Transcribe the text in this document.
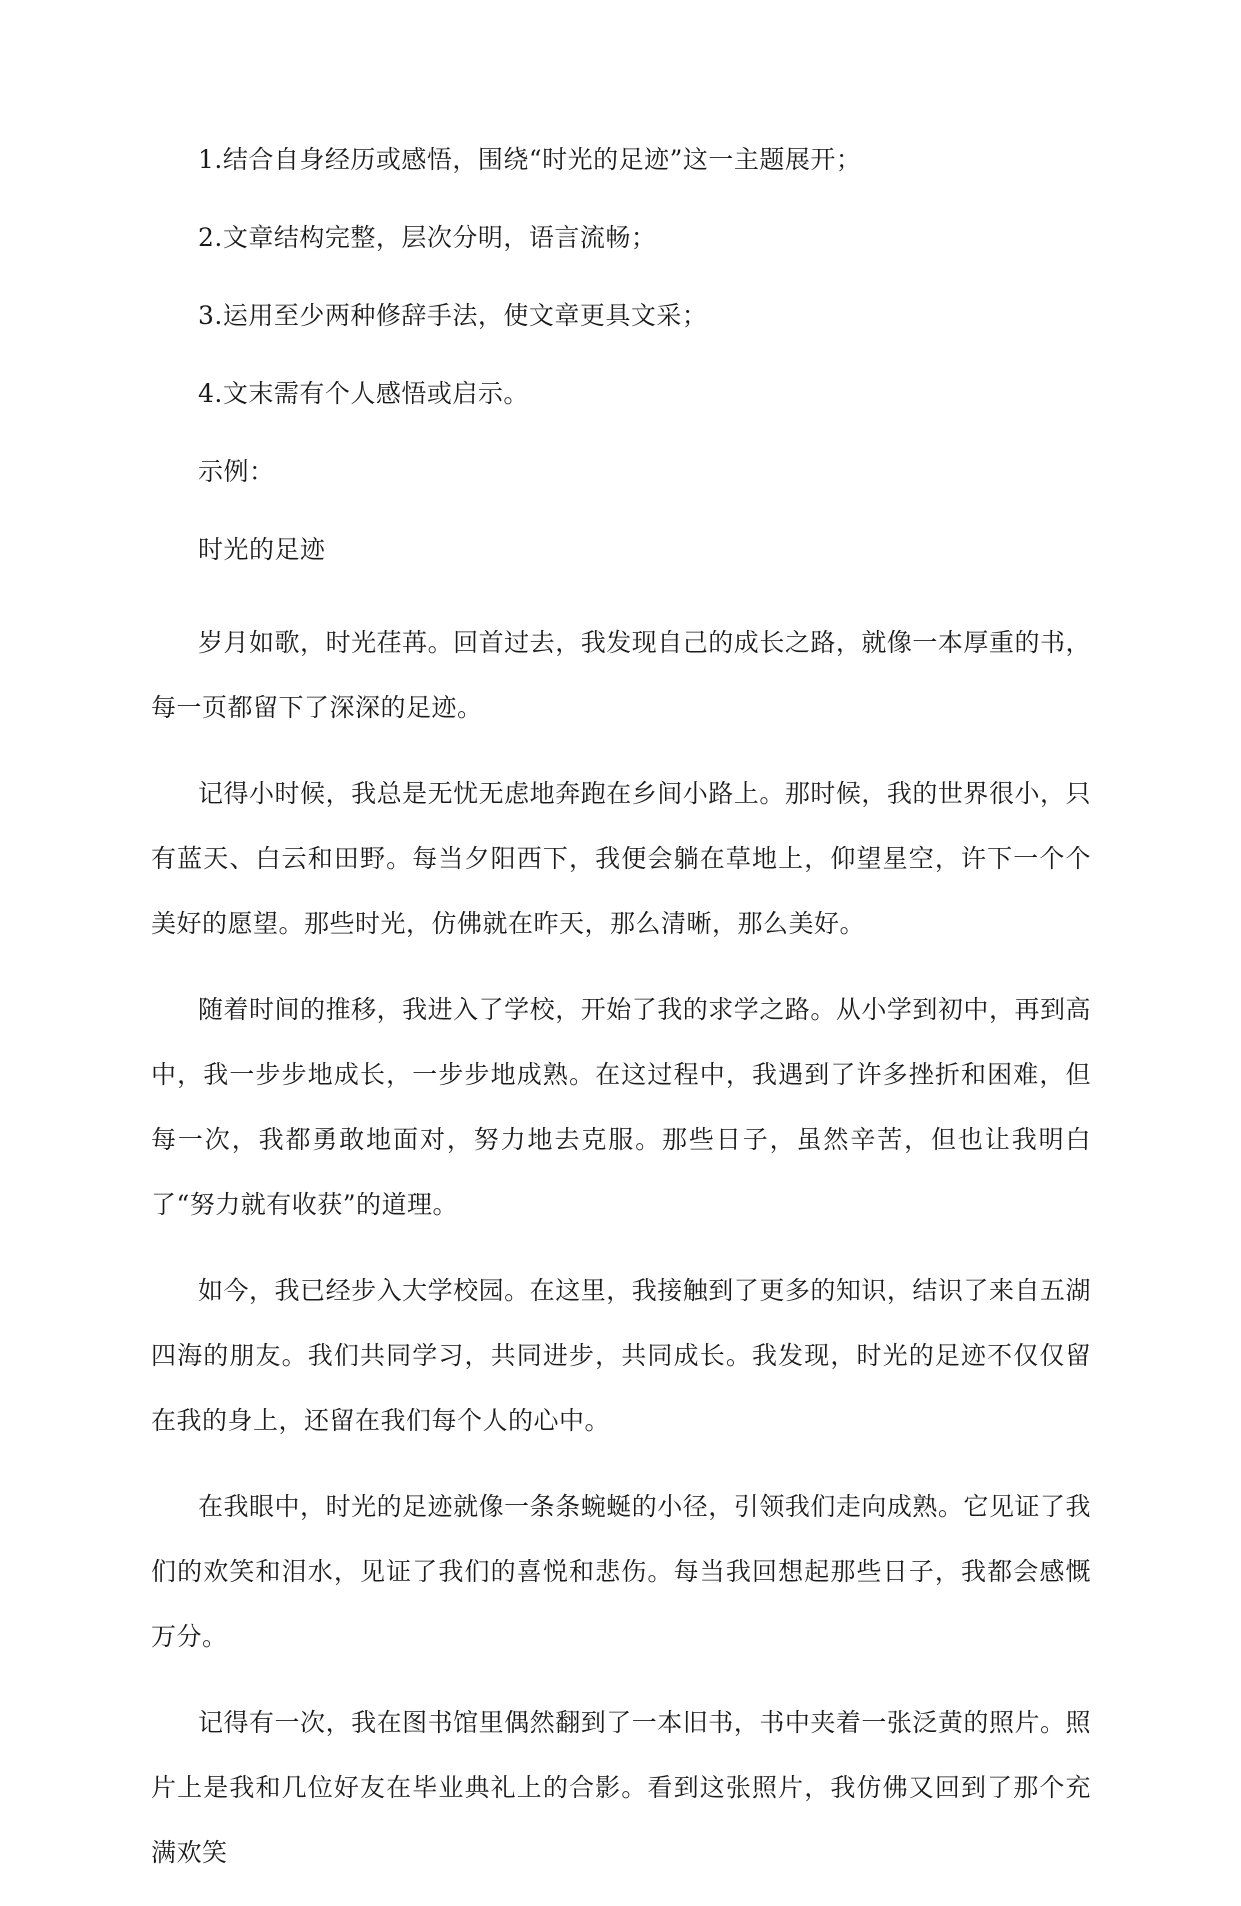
1.结合自身经历或感悟，围绕“时光的足迹”这一主题展开；

2.文章结构完整，层次分明，语言流畅；

3.运用至少两种修辞手法，使文章更具文采；

4.文末需有个人感悟或启示。

示例：

时光的足迹

岁月如歌，时光荏苒。回首过去，我发现自己的成长之路，就像一本厚重的书，每一页都留下了深深的足迹。

记得小时候，我总是无忧无虑地奔跑在乡间小路上。那时候，我的世界很小，只有蓝天、白云和田野。每当夕阳西下，我便会躺在草地上，仰望星空，许下一个个美好的愿望。那些时光，仿佛就在昨天，那么清晰，那么美好。

随着时间的推移，我进入了学校，开始了我的求学之路。从小学到初中，再到高中，我一步步地成长，一步步地成熟。在这过程中，我遇到了许多挫折和困难，但每一次，我都勇敢地面对，努力地去克服。那些日子，虽然辛苦，但也让我明白了“努力就有收获”的道理。

如今，我已经步入大学校园。在这里，我接触到了更多的知识，结识了来自五湖四海的朋友。我们共同学习，共同进步，共同成长。我发现，时光的足迹不仅仅留在我的身上，还留在我们每个人的心中。

在我眼中，时光的足迹就像一条条蜿蜒的小径，引领我们走向成熟。它见证了我们的欢笑和泪水，见证了我们的喜悦和悲伤。每当我回想起那些日子，我都会感慨万分。

记得有一次，我在图书馆里偶然翻到了一本旧书，书中夹着一张泛黄的照片。照片上是我和几位好友在毕业典礼上的合影。看到这张照片，我仿佛又回到了那个充满欢笑
